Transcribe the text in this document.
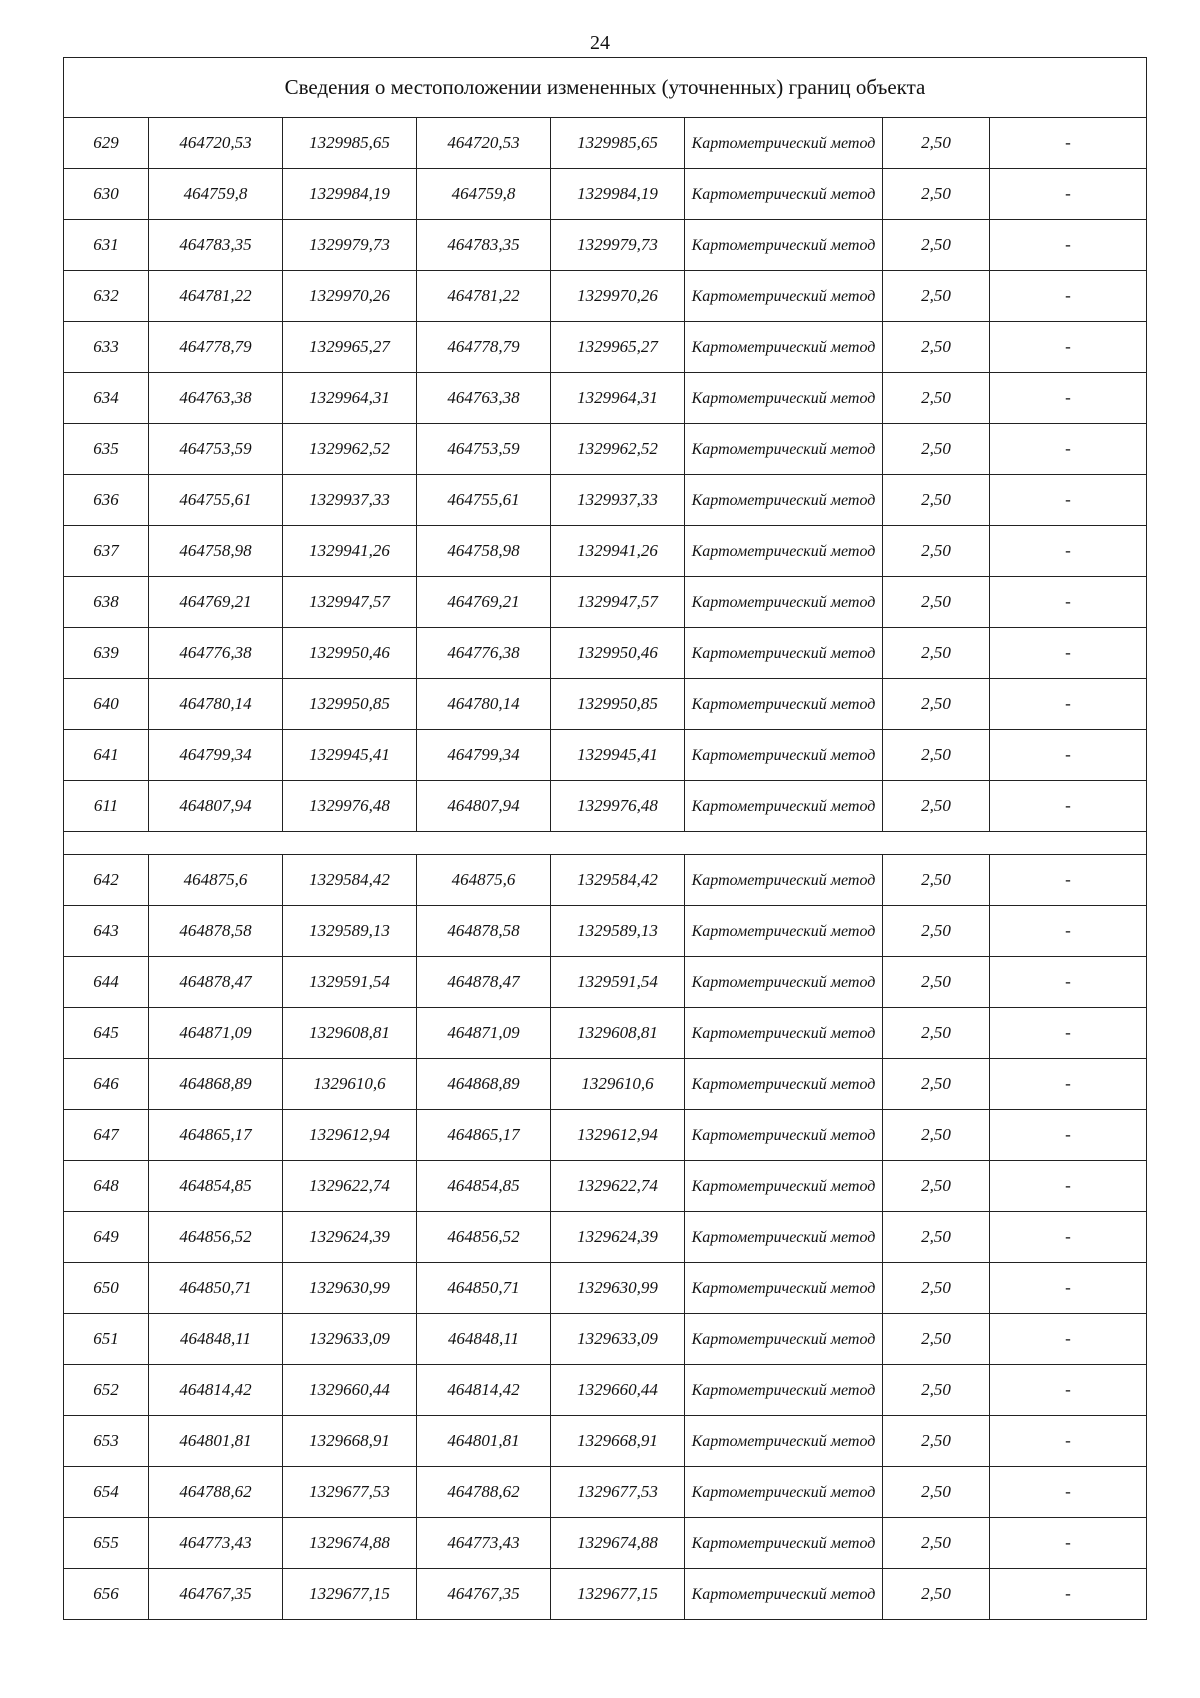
24
Сведения о местоположении измененных (уточненных) границ объекта							
629	464720,53	1329985,65	464720,53	1329985,65	Картометрический метод	2,50	-
630	464759,8	1329984,19	464759,8	1329984,19	Картометрический метод	2,50	-
631	464783,35	1329979,73	464783,35	1329979,73	Картометрический метод	2,50	-
632	464781,22	1329970,26	464781,22	1329970,26	Картометрический метод	2,50	-
633	464778,79	1329965,27	464778,79	1329965,27	Картометрический метод	2,50	-
634	464763,38	1329964,31	464763,38	1329964,31	Картометрический метод	2,50	-
635	464753,59	1329962,52	464753,59	1329962,52	Картометрический метод	2,50	-
636	464755,61	1329937,33	464755,61	1329937,33	Картометрический метод	2,50	-
637	464758,98	1329941,26	464758,98	1329941,26	Картометрический метод	2,50	-
638	464769,21	1329947,57	464769,21	1329947,57	Картометрический метод	2,50	-
639	464776,38	1329950,46	464776,38	1329950,46	Картометрический метод	2,50	-
640	464780,14	1329950,85	464780,14	1329950,85	Картометрический метод	2,50	-
641	464799,34	1329945,41	464799,34	1329945,41	Картометрический метод	2,50	-
611	464807,94	1329976,48	464807,94	1329976,48	Картометрический метод	2,50	-

642	464875,6	1329584,42	464875,6	1329584,42	Картометрический метод	2,50	-
643	464878,58	1329589,13	464878,58	1329589,13	Картометрический метод	2,50	-
644	464878,47	1329591,54	464878,47	1329591,54	Картометрический метод	2,50	-
645	464871,09	1329608,81	464871,09	1329608,81	Картометрический метод	2,50	-
646	464868,89	1329610,6	464868,89	1329610,6	Картометрический метод	2,50	-
647	464865,17	1329612,94	464865,17	1329612,94	Картометрический метод	2,50	-
648	464854,85	1329622,74	464854,85	1329622,74	Картометрический метод	2,50	-
649	464856,52	1329624,39	464856,52	1329624,39	Картометрический метод	2,50	-
650	464850,71	1329630,99	464850,71	1329630,99	Картометрический метод	2,50	-
651	464848,11	1329633,09	464848,11	1329633,09	Картометрический метод	2,50	-
652	464814,42	1329660,44	464814,42	1329660,44	Картометрический метод	2,50	-
653	464801,81	1329668,91	464801,81	1329668,91	Картометрический метод	2,50	-
654	464788,62	1329677,53	464788,62	1329677,53	Картометрический метод	2,50	-
655	464773,43	1329674,88	464773,43	1329674,88	Картометрический метод	2,50	-
656	464767,35	1329677,15	464767,35	1329677,15	Картометрический метод	2,50	-
